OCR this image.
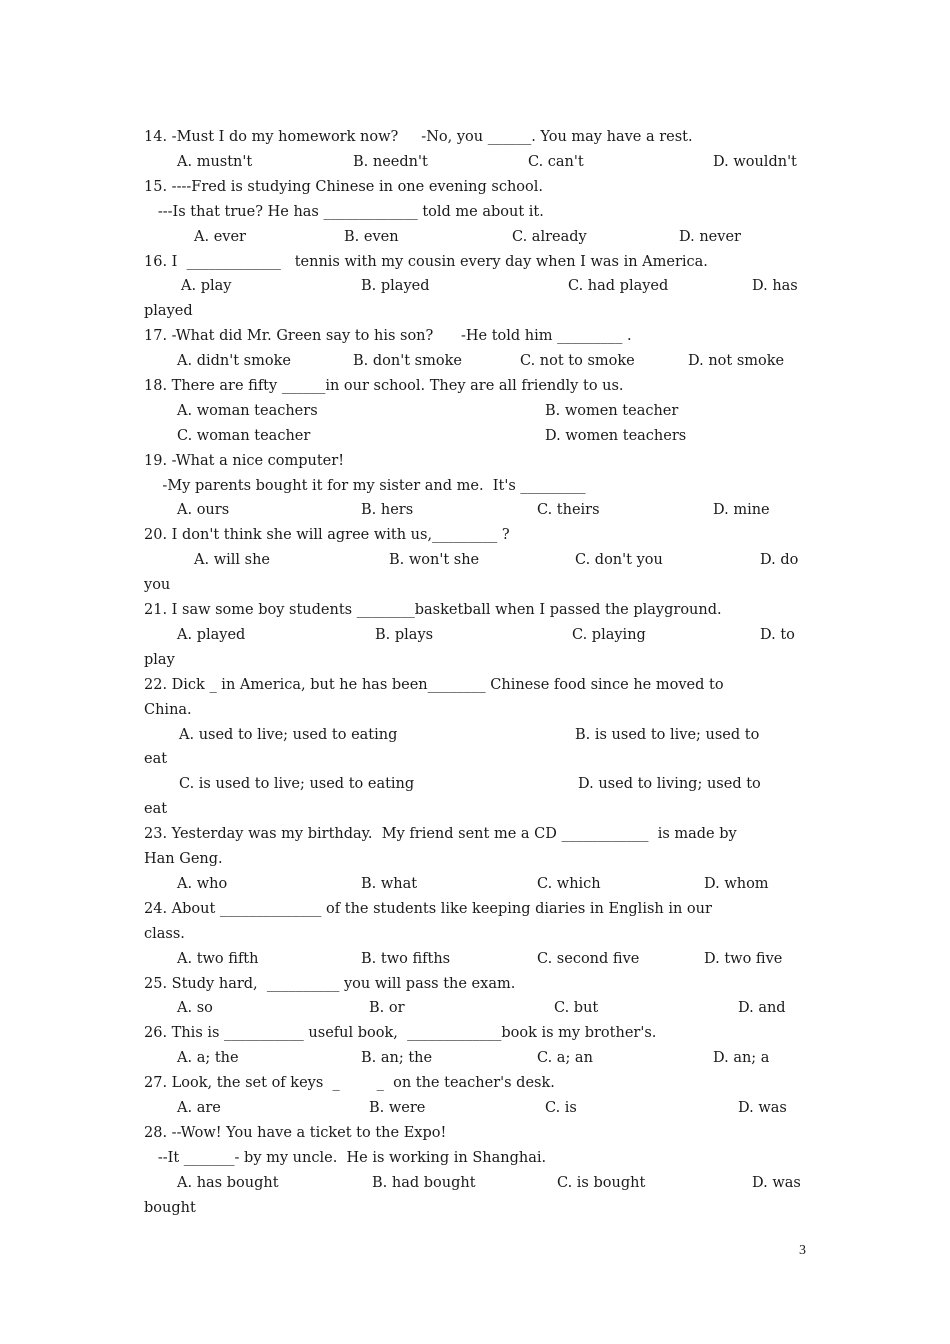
14. -Must I do my homework now?     -No, you ______. You may have a rest.
A. mustn't	B. needn't	C. can't	D. wouldn't
15. ----Fred is studying Chinese in one evening school.
---Is that true? He has _____________ told me about it.
A. ever	B. even	C. already	D. never
16. I  _____________   tennis with my cousin every day when I was in America.
A. play	B. played	C. had played	D. has
played
17. -What did Mr. Green say to his son?      -He told him _________ .
A. didn't smoke	B. don't smoke	C. not to smoke	D. not smoke
18. There are fifty ______in our school. They are all friendly to us.
A. woman teachers	B. women teacher
C. woman teacher	D. women teachers
19. -What a nice computer!
-My parents bought it for my sister and me.  It's _________
A. ours	B. hers	C. theirs	D. mine
20. I don't think she will agree with us,_________ ?
A. will she	B. won't she	C. don't you	D. do
you
21. I saw some boy students ________basketball when I passed the playground.
A. played	B. plays	C. playing	D. to
play
22. Dick _ in America, but he has been________ Chinese food since he moved to
China.
A. used to live; used to eating	B. is used to live; used to
eat
C. is used to live; used to eating	D. used to living; used to
eat
23. Yesterday was my birthday.  My friend sent me a CD ____________  is made by
Han Geng.
A. who	B. what	C. which	D. whom
24. About ______________ of the students like keeping diaries in English in our
class.
A. two fifth	B. two fifths	C. second five	D. two five
25. Study hard,  __________ you will pass the exam.
A. so	B. or	C. but	D. and
26. This is ___________ useful book,  _____________book is my brother's.
A. a; the	B. an; the	C. a; an	D. an; a
27. Look, the set of keys  _        _  on the teacher's desk.
A. are	B. were	C. is	D. was
28. --Wow! You have a ticket to the Expo!
--It _______- by my uncle.  He is working in Shanghai.
A. has bought	B. had bought	C. is bought	D. was
bought
3
